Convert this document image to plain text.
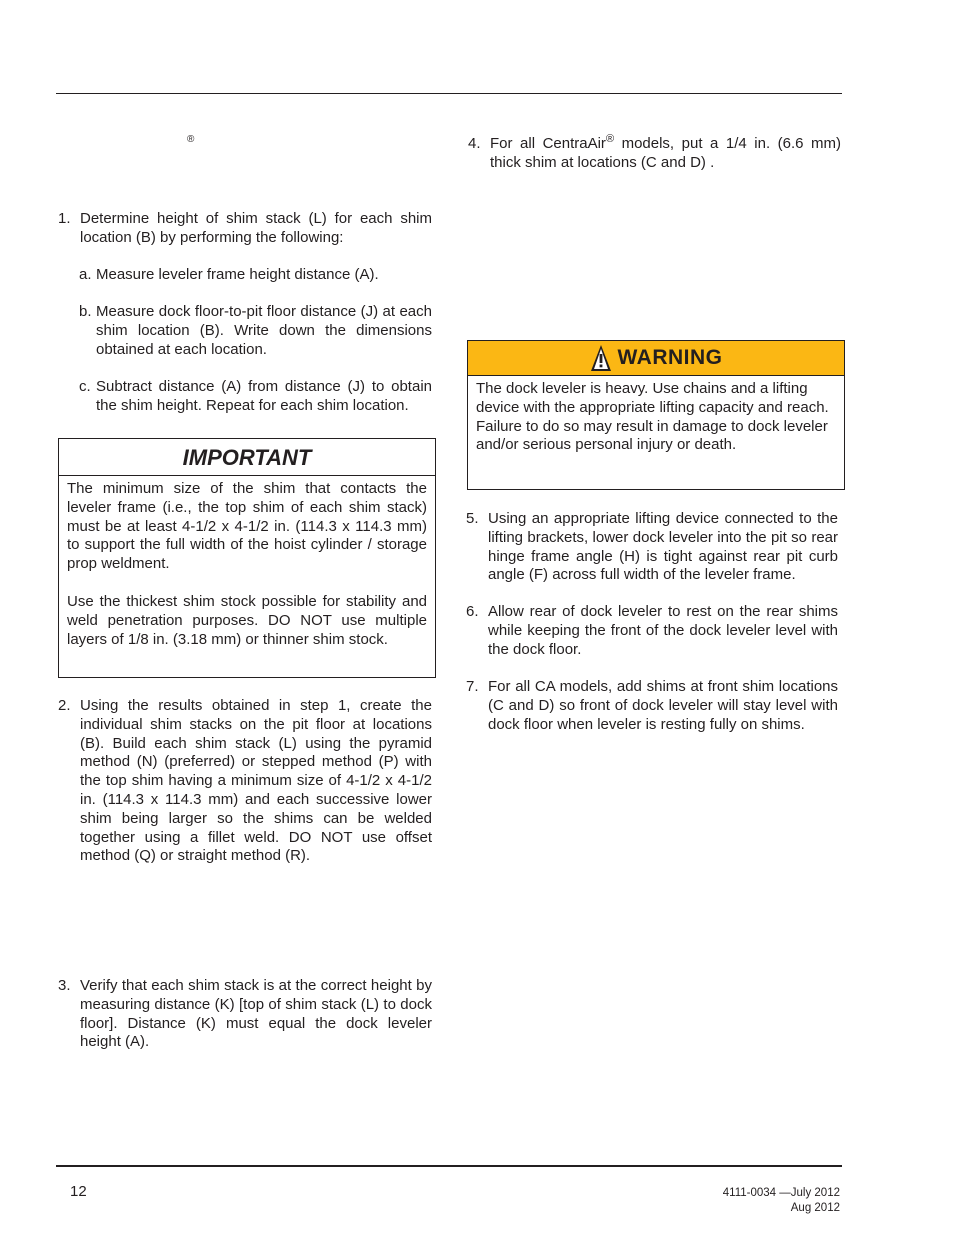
®
1. Determine height of shim stack (L) for each shim location (B) by performing the following:
a. Measure leveler frame height distance (A).
b. Measure dock floor-to-pit floor distance (J) at each shim location (B). Write down the dimensions obtained at each location.
c. Subtract distance (A) from distance (J) to obtain the shim height. Repeat for each shim location.
IMPORTANT

The minimum size of the shim that contacts the leveler frame (i.e., the top shim of each shim stack) must be at least 4-1/2 x 4-1/2 in. (114.3 x 114.3 mm) to support the full width of the hoist cylinder / storage prop weldment.

Use the thickest shim stock possible for stability and weld penetration purposes. DO NOT use multiple layers of 1/8 in. (3.18 mm) or thinner shim stock.

2. Using the results obtained in step 1, create the individual shim stacks on the pit floor at locations (B). Build each shim stack (L) using the pyramid method (N) (preferred) or stepped method (P) with the top shim having a minimum size of 4-1/2 x 4-1/2 in. (114.3 x 114.3 mm) and each successive lower shim being larger so the shims can be welded together using a fillet weld. DO NOT use offset method (Q) or straight method (R).
3. Verify that each shim stack is at the correct height by measuring distance (K) [top of shim stack (L) to dock floor]. Distance (K) must equal the dock leveler height (A).
4. For all CentraAir® models, put a 1/4 in. (6.6 mm) thick shim at locations (C and D) .
WARNING
The dock leveler is heavy. Use chains and a lifting device with the appropriate lifting capacity and reach. Failure to do so may result in damage to dock leveler and/or serious personal injury or death.
5. Using an appropriate lifting device connected to the lifting brackets, lower dock leveler into the pit so rear hinge frame angle (H) is tight against rear pit curb angle (F) across full width of the leveler frame.
6. Allow rear of dock leveler to rest on the rear shims while keeping the front of the dock leveler level with the dock floor.
7. For all CA models, add shims at front shim locations (C and D) so front of dock leveler will stay level with dock floor when leveler is resting fully on shims.
12	4111-0034 —July 2012
Aug 2012
